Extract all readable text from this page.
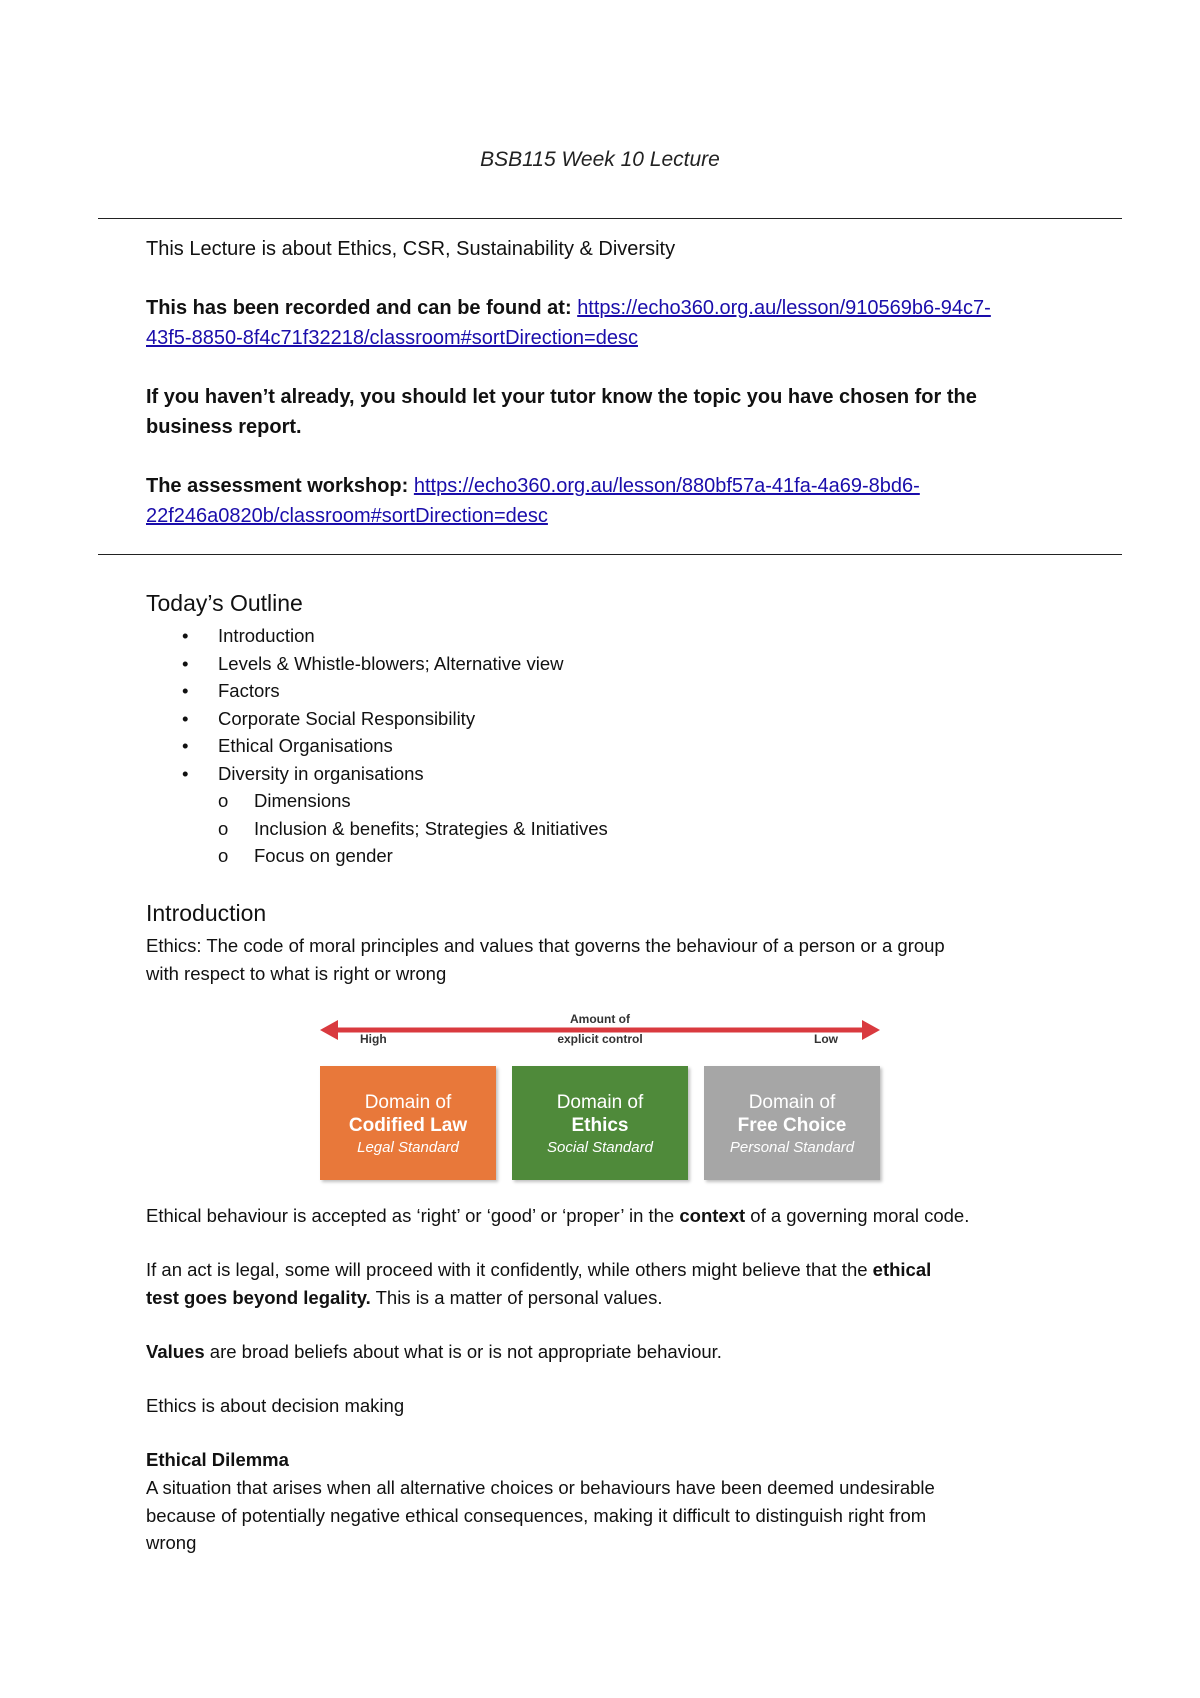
BSB115 Week 10 Lecture

This Lecture is about Ethics, CSR, Sustainability & Diversity

This has been recorded and can be found at: https://echo360.org.au/lesson/910569b6-94c7-
43f5-8850-8f4c71f32218/classroom#sortDirection=desc

If you haven’t already, you should let your tutor know the topic you have chosen for the
business report.

The assessment workshop: https://echo360.org.au/lesson/880bf57a-41fa-4a69-8bd6-
22f246a0820b/classroom#sortDirection=desc

Today’s Outline
• Introduction
• Levels & Whistle-blowers; Alternative view
• Factors
• Corporate Social Responsibility
• Ethical Organisations
• Diversity in organisations
o Dimensions
o Inclusion & benefits; Strategies & Initiatives
o Focus on gender
Introduction
Ethics: The code of moral principles and values that governs the behaviour of a person or a group
with respect to what is right or wrong
Amount of
explicit control
High	Low
Domain of
Codified Law
Legal Standard
Domain of
Ethics
Social Standard
Domain of
Free Choice
Personal Standard
Ethical behaviour is accepted as ‘right’ or ‘good’ or ‘proper’ in the context of a governing moral code.
If an act is legal, some will proceed with it confidently, while others might believe that the ethical
test goes beyond legality. This is a matter of personal values.
Values are broad beliefs about what is or is not appropriate behaviour.
Ethics is about decision making
Ethical Dilemma
A situation that arises when all alternative choices or behaviours have been deemed undesirable
because of potentially negative ethical consequences, making it difficult to distinguish right from
wrong
